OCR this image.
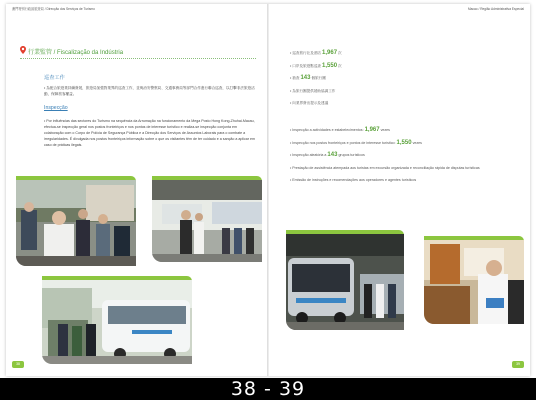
澳門特別行政區旅遊局 / Direcção dos Serviços de Turismo
行業監管 / Fiscalização da Indústria
巡查工作
• 為配合旅遊業持續發展，旅遊局加強對業界的巡查工作，並與治安警察局、交通事務局等部門合作進行聯合巡查，以打擊非法旅遊活動，保障旅客權益。
Inspecção
• Por influências das sectores do Turismo na sequência da Arrumação na funcionamento da Mega Posto Hong Kong-Zhuhai-Macau, efectua-se inspecção geral nos postos fronteiriços e nos pontos de interesse turístico e realiza-se inspecção conjunta em colaboração com o Corpo de Polícia de Segurança Pública e a Direcção dos Serviços de Assuntos Laborais para o combate a irregularidades. É divulgada nos postos fronteiriços informação sobre o que os visitantes têm de ter cuidado e a sanção a aplicar em caso de práticas ilegais.
38
Macao / Região Administrativa Especial
• 巡查旅行社及酒店 1,967 次
• 口岸及旅遊點巡查 1,550 次
• 抽查 143 個旅行團
• 為旅行團提供援助協調工作
• 向業界發出提示及建議
• Inspecção a actividades e estabelecimentos: 1,967 vezes
• Inspecção nos postos fronteiriços e pontos de interesse turístico: 1,550 vezes
• Inspecção aleatória a 143 grupos turísticos
• Prestação de assistência atempada aos turistas em excursão organizada e reconciliação rápida de disputas turísticas
• Emissão de instruções e recomendações aos operadores e agentes turísticos
39
38 - 39
